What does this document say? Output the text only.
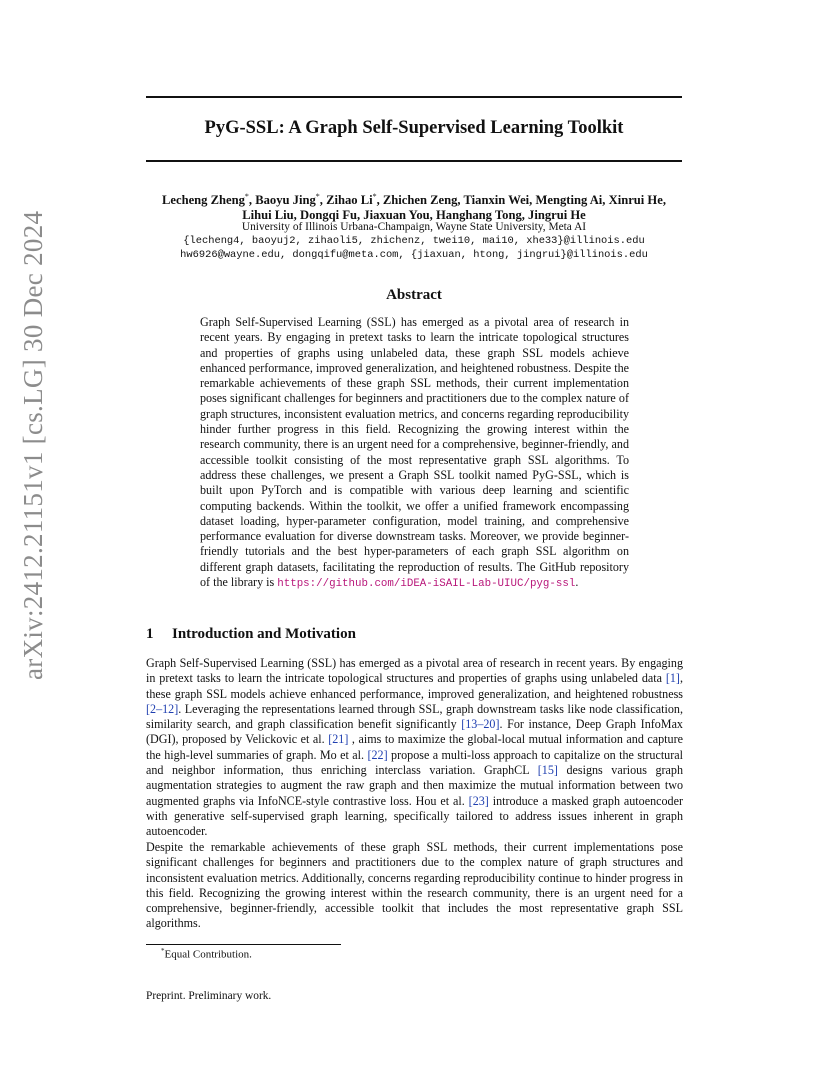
arXiv:2412.21151v1 [cs.LG] 30 Dec 2024
PyG-SSL: A Graph Self-Supervised Learning Toolkit
Lecheng Zheng*, Baoyu Jing*, Zihao Li*, Zhichen Zeng, Tianxin Wei, Mengting Ai, Xinrui He,
Lihui Liu, Dongqi Fu, Jiaxuan You, Hanghang Tong, Jingrui He
University of Illinois Urbana-Champaign, Wayne State University, Meta AI
{lecheng4, baoyuj2, zihaoli5, zhichenz, twei10, mai10, xhe33}@illinois.edu
hw6926@wayne.edu, dongqifu@meta.com, {jiaxuan, htong, jingrui}@illinois.edu
Abstract

Graph Self-Supervised Learning (SSL) has emerged as a pivotal area of research in recent years. By engaging in pretext tasks to learn the intricate topological structures and properties of graphs using unlabeled data, these graph SSL models achieve enhanced performance, improved generalization, and heightened robustness. Despite the remarkable achievements of these graph SSL methods, their current implementation poses significant challenges for beginners and practitioners due to the complex nature of graph structures, inconsistent evaluation metrics, and concerns regarding reproducibility hinder further progress in this field. Recognizing the growing interest within the research community, there is an urgent need for a comprehensive, beginner-friendly, and accessible toolkit consisting of the most representative graph SSL algorithms. To address these challenges, we present a Graph SSL toolkit named PyG-SSL, which is built upon PyTorch and is compatible with various deep learning and scientific computing backends. Within the toolkit, we offer a unified framework encompassing dataset loading, hyper-parameter configuration, model training, and comprehensive performance evaluation for diverse downstream tasks. Moreover, we provide beginner-friendly tutorials and the best hyper-parameters of each graph SSL algorithm on different graph datasets, facilitating the reproduction of results. The GitHub repository of the library is https://github.com/iDEA-iSAIL-Lab-UIUC/pyg-ssl.

1 Introduction and Motivation

Graph Self-Supervised Learning (SSL) has emerged as a pivotal area of research in recent years. By engaging in pretext tasks to learn the intricate topological structures and properties of graphs using unlabeled data [1], these graph SSL models achieve enhanced performance, improved generalization, and heightened robustness [2–12]. Leveraging the representations learned through SSL, graph downstream tasks like node classification, similarity search, and graph classification benefit significantly [13–20]. For instance, Deep Graph InfoMax (DGI), proposed by Velickovic et al. [21] , aims to maximize the global-local mutual information and capture the high-level summaries of graph. Mo et al. [22] propose a multi-loss approach to capitalize on the structural and neighbor information, thus enriching interclass variation. GraphCL [15] designs various graph augmentation strategies to augment the raw graph and then maximize the mutual information between two augmented graphs via InfoNCE-style contrastive loss. Hou et al. [23] introduce a masked graph autoencoder with generative self-supervised graph learning, specifically tailored to address issues inherent in graph autoencoder.

Despite the remarkable achievements of these graph SSL methods, their current implementations pose significant challenges for beginners and practitioners due to the complex nature of graph structures and inconsistent evaluation metrics. Additionally, concerns regarding reproducibility continue to hinder progress in this field. Recognizing the growing interest within the research community, there is an urgent need for a comprehensive, beginner-friendly, accessible toolkit that includes the most representative graph SSL algorithms.

*Equal Contribution.
Preprint. Preliminary work.
